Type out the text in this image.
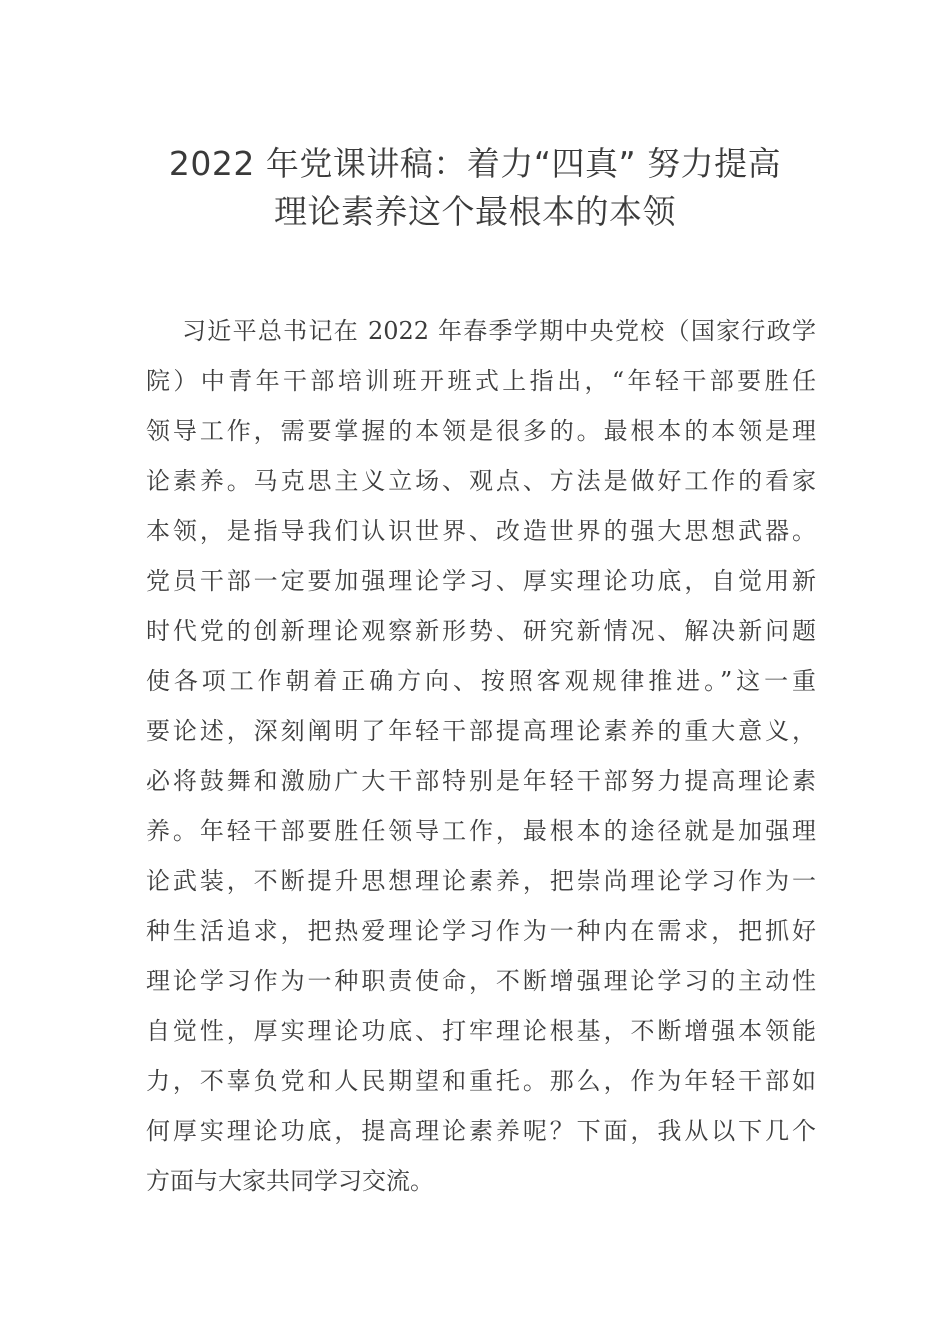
2022 年党课讲稿：着力“四真” 努力提高
理论素养这个最根本的本领
习近平总书记在 2022 年春季学期中央党校（国家行政学
院）中青年干部培训班开班式上指出，“年轻干部要胜任
领导工作，需要掌握的本领是很多的。最根本的本领是理
论素养。马克思主义立场、观点、方法是做好工作的看家
本领，是指导我们认识世界、改造世界的强大思想武器。
党员干部一定要加强理论学习、厚实理论功底，自觉用新
时代党的创新理论观察新形势、研究新情况、解决新问题
使各项工作朝着正确方向、按照客观规律推进。”这一重
要论述，深刻阐明了年轻干部提高理论素养的重大意义，
必将鼓舞和激励广大干部特别是年轻干部努力提高理论素
养。年轻干部要胜任领导工作，最根本的途径就是加强理
论武装，不断提升思想理论素养，把崇尚理论学习作为一
种生活追求，把热爱理论学习作为一种内在需求，把抓好
理论学习作为一种职责使命，不断增强理论学习的主动性
自觉性，厚实理论功底、打牢理论根基，不断增强本领能
力，不辜负党和人民期望和重托。那么，作为年轻干部如
何厚实理论功底，提高理论素养呢？下面，我从以下几个
方面与大家共同学习交流。
